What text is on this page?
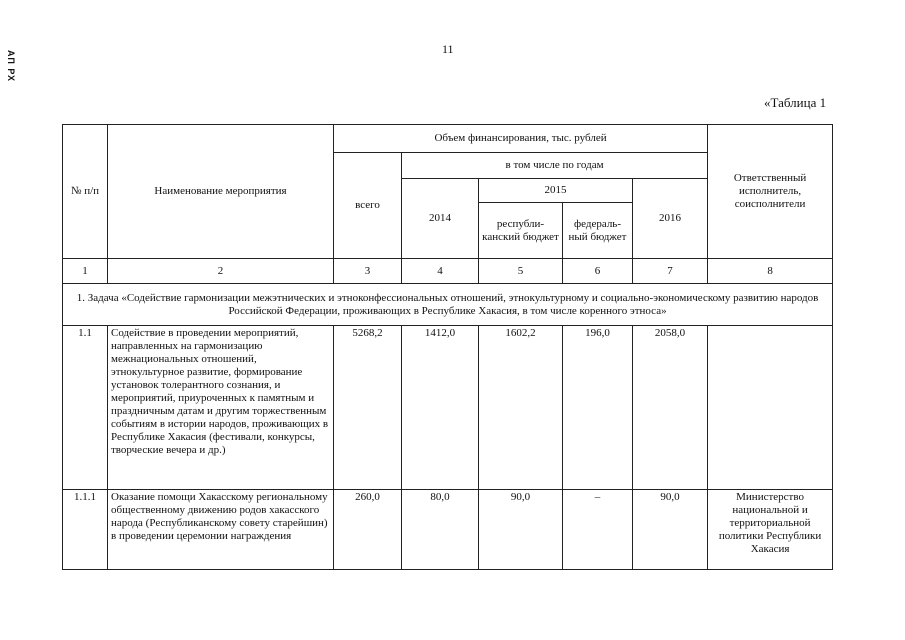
АП РХ
11
«Таблица 1
№ п/п	Наименование мероприятия	Объем финансирования, тыс. рублей					Ответственный исполнитель, соисполнители
		всего	в том числе по годам				
			2014	2015		2016	
				республи- канский бюджет	федераль- ный бюджет		
1	2	3	4	5	6	7	8
1. Задача «Содействие гармонизации межэтнических и этноконфессиональных отношений, этнокультурному и социально-экономическому развитию народов Российской Федерации, проживающих в Республике Хакасия, в том числе коренного этноса»							
1.1	Содействие в проведении мероприятий, направленных на гармонизацию межнациональных отношений, этнокультурное развитие, формирование установок толерантного сознания, и мероприятий, приуроченных к памятным и праздничным датам и другим торжественным событиям в истории народов, проживающих в Республике Хакасия (фестивали, конкурсы, творческие вечера и др.)	5268,2	1412,0	1602,2	196,0	2058,0	
1.1.1	Оказание помощи Хакасскому региональному общественному движению родов хакасского народа (Республиканскому совету старейшин) в проведении церемонии награждения	260,0	80,0	90,0	–	90,0	Министерство национальной и территориальной политики Республики Хакасия
